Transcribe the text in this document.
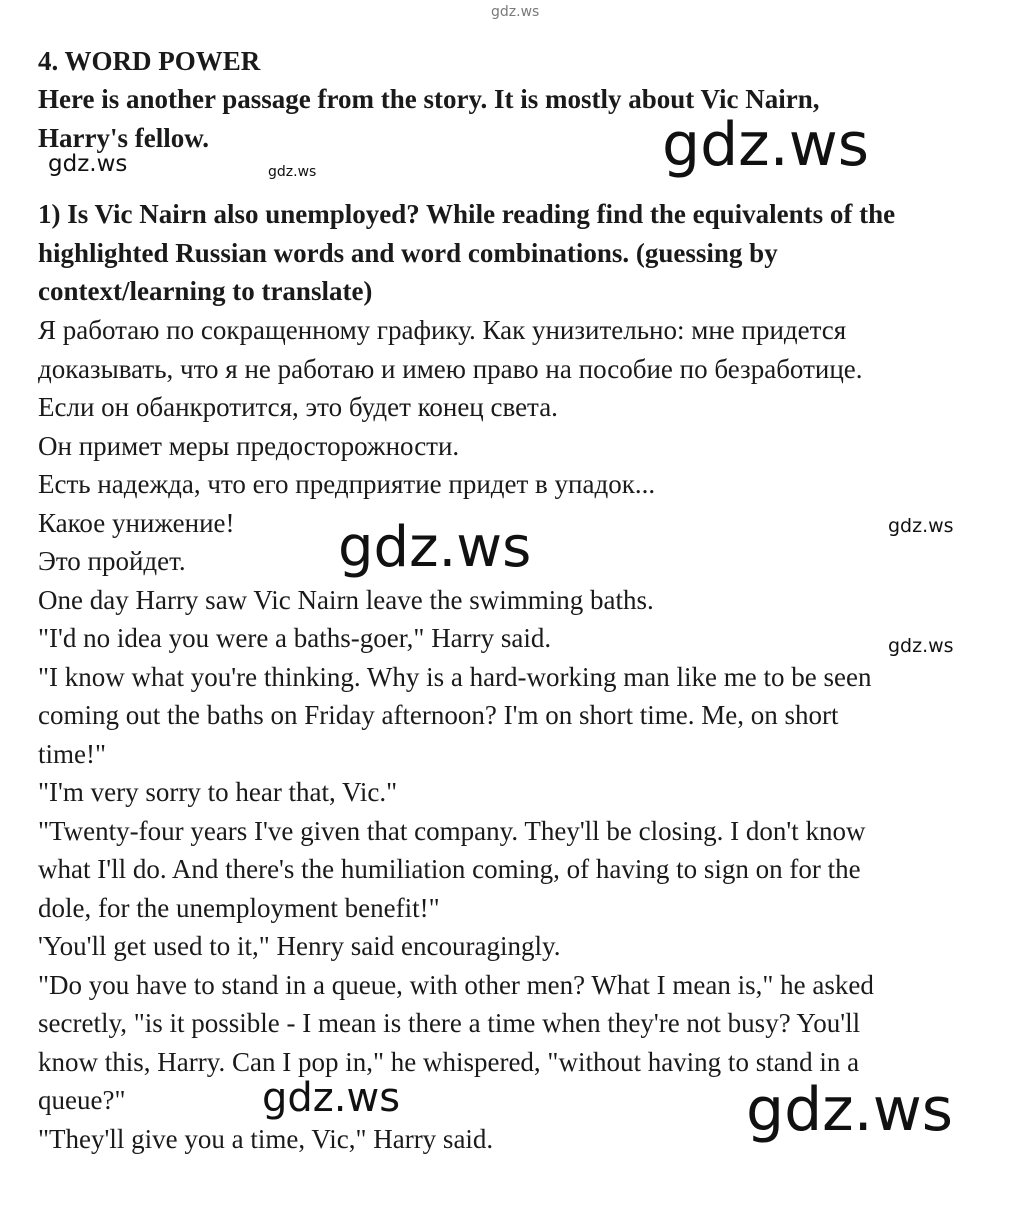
4. WORD POWER
Here is another passage from the story. It is mostly about Vic Nairn,
Harry's fellow.
1) Is Vic Nairn also unemployed? While reading find the equivalents of the
highlighted Russian words and word combinations. (guessing by
context/learning to translate)
Я работаю по сокращенному графику. Как унизительно: мне придется
доказывать, что я не работаю и имею право на пособие по безработице.
Если он обанкротится, это будет конец света.
Он примет меры предосторожности.
Есть надежда, что его предприятие придет в упадок...
Какое унижение!
Это пройдет.
One day Harry saw Vic Nairn leave the swimming baths.
"I'd no idea you were a baths-goer," Harry said.
"I know what you're thinking. Why is a hard-working man like me to be seen
coming out the baths on Friday afternoon? I'm on short time. Me, on short
time!"
"I'm very sorry to hear that, Vic."
"Twenty-four years I've given that company. They'll be closing. I don't know
what I'll do. And there's the humiliation coming, of having to sign on for the
dole, for the unemployment benefit!"
'You'll get used to it," Henry said encouragingly.
"Do you have to stand in a queue, with other men? What I mean is," he asked
secretly, "is it possible - I mean is there a time when they're not busy? You'll
know this, Harry. Can I pop in," he whispered, "without having to stand in a
queue?"
"They'll give you a time, Vic," Harry said.
gdz.ws
gdz.ws
gdz.ws	gdz.ws
gdz.ws	gdz.ws
gdz.ws
gdz.ws	gdz.ws
